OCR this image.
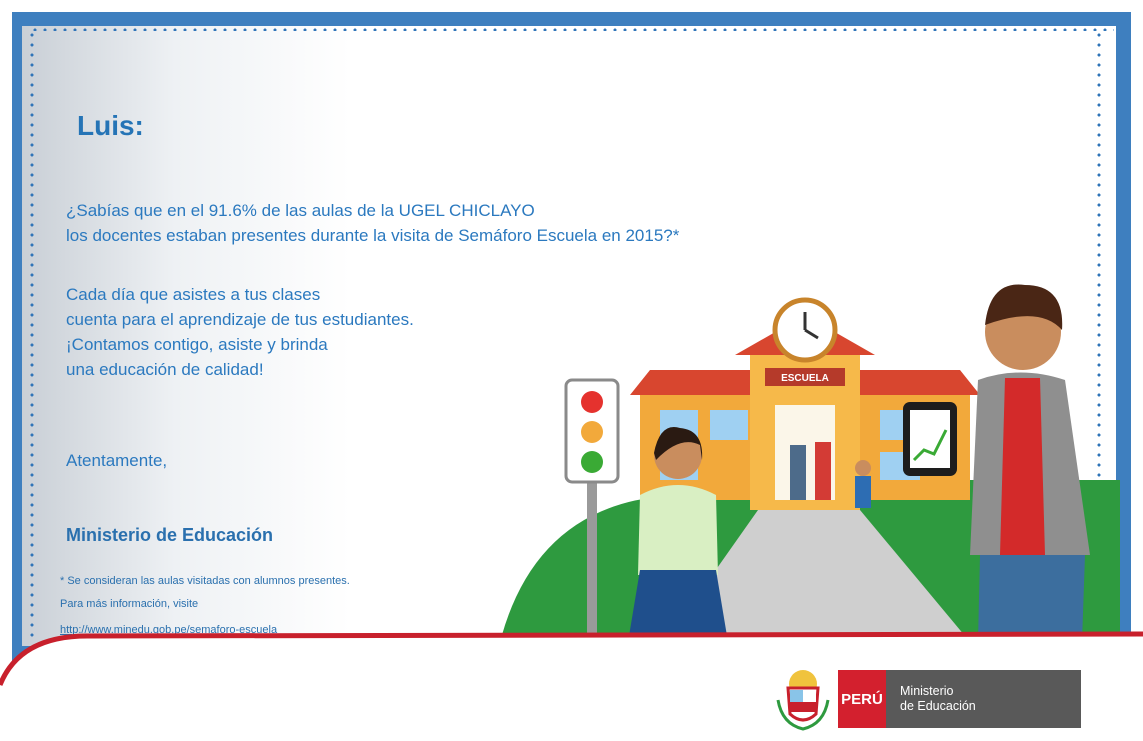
Luis:
¿Sabías que en el 91.6% de las aulas de la UGEL CHICLAYO
los docentes estaban presentes durante la visita de Semáforo Escuela en 2015?*
Cada día que asistes a tus clases
cuenta para el aprendizaje de tus estudiantes.
¡Contamos contigo, asiste y brinda
una educación de calidad!
Atentamente,
Ministerio de Educación
* Se consideran las aulas visitadas con alumnos presentes.
Para más información, visite
http://www.minedu.gob.pe/semaforo-escuela
ESCUELA
PERÚ Ministerio
de Educación
